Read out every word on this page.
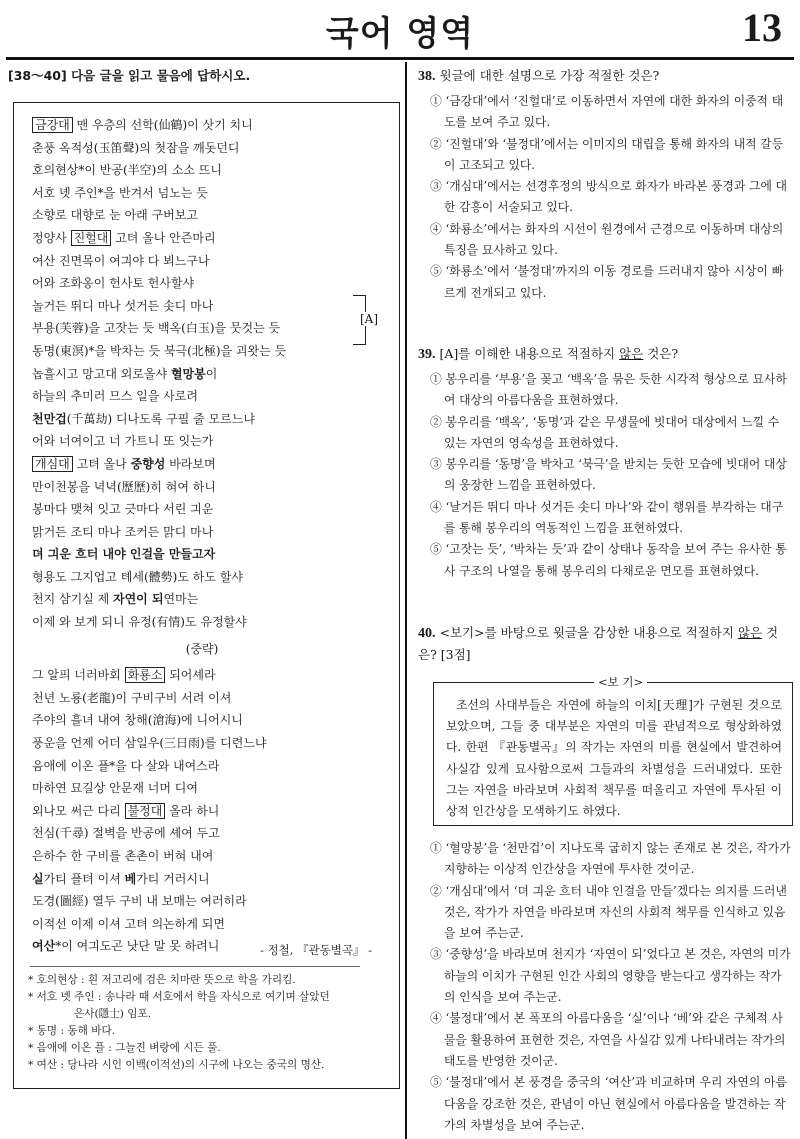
국어 영역	13
[38～40] 다음 글을 읽고 물음에 답하시오.
금강대 맨 우층의 선학(仙鶴)이 삿기 치니
춘풍 옥적성(玉笛聲)의 첫잠을 깨돗던디
호의현상*이 반공(半空)의 소소 뜨니
서호 녯 주인*을 반겨서 넘노는 듯
소향로 대향로 눈 아래 구버보고
정양사 진헐대 고텨 올나 안즌마리
여산 진면목이 여긔야 다 뵈느구나
어와 조화옹이 헌사토 헌사할샤
놀거든 뛰디 마나 섯거든 솟디 마나
부용(芙蓉)을 고잣는 듯 백옥(白玉)을 뭇것는 듯
동명(東溟)*을 박차는 듯 북극(北極)을 괴왓는 듯
놉흘시고 망고대 외로올샤 혈망봉이
하늘의 추미러 므스 일을 사로려
천만겁(千萬劫) 디나도록 구필 줄 모르느냐
어와 너여이고 너 가트니 또 잇는가
개심대 고텨 올나 중향성 바라보며
만이천봉을 녁녁(歷歷)히 혀여 하니
봉마다 맺쳐 잇고 긋마다 서린 긔운
맑거든 조티 마나 조커든 맑디 마나
뎌 긔운 흐터 내야 인걸을 만들고자
형용도 그지업고 톄세(體勢)도 하도 할샤
천지 삼기실 제 자연이 되연마는
이제 와 보게 되니 유정(有情)도 유정할샤
(중략)
그 알픠 너러바회 화룡소 되어셰라
천년 노룡(老龍)이 구비구비 서려 이셔
주야의 흘녀 내여 창해(滄海)에 니어시니
풍운을 언제 어더 삼일우(三日雨)를 디련느냐
음애에 이온 플*을 다 살와 내여스라
마하연 묘길상 안문재 너머 디여
외나모 써근 다리 불정대 올라 하니
천심(千尋) 절벽을 반공에 셰여 두고
은하수 한 구비를 촌촌이 버혀 내여
실가티 플텨 이셔 베가티 거러시니
도경(圖經) 열두 구비 내 보매는 여러히라
이적선 이제 이셔 고텨 의논하게 되면
여산*이 여긔도곤 낫단 말 못 하려니
[A]
- 정철, 『관동별곡』 -
* 호의현상 : 흰 저고리에 검은 치마란 뜻으로 학을 가리킴.
* 서호 녯 주인 : 송나라 때 서호에서 학을 자식으로 여기며 살았던
은사(隱士) 임포.
* 동명 : 동해 바다.
* 음애에 이온 플 : 그늘진 벼랑에 시든 풀.
* 여산 : 당나라 시인 이백(이적선)의 시구에 나오는 중국의 명산.
38. 윗글에 대한 설명으로 가장 적절한 것은?
① ‘금강대’에서 ‘진헐대’로 이동하면서 자연에 대한 화자의 이중적 태도를 보여 주고 있다.
② ‘진헐대’와 ‘불정대’에서는 이미지의 대립을 통해 화자의 내적 갈등이 고조되고 있다.
③ ‘개심대’에서는 선경후정의 방식으로 화자가 바라본 풍경과 그에 대한 감흥이 서술되고 있다.
④ ‘화룡소’에서는 화자의 시선이 원경에서 근경으로 이동하며 대상의 특징을 묘사하고 있다.
⑤ ‘화룡소’에서 ‘불정대’까지의 이동 경로를 드러내지 않아 시상이 빠르게 전개되고 있다.
39. [A]를 이해한 내용으로 적절하지 않은 것은?
① 봉우리를 ‘부용’을 꽂고 ‘백옥’을 묶은 듯한 시각적 형상으로 묘사하여 대상의 아름다움을 표현하였다.
② 봉우리를 ‘백옥’, ‘동명’과 같은 무생물에 빗대어 대상에서 느낄 수 있는 자연의 영속성을 표현하였다.
③ 봉우리를 ‘동명’을 박차고 ‘북극’을 받치는 듯한 모습에 빗대어 대상의 웅장한 느낌을 표현하였다.
④ ‘날거든 뛰디 마나 섯거든 솟디 마나’와 같이 행위를 부각하는 대구를 통해 봉우리의 역동적인 느낌을 표현하였다.
⑤ ‘고잣는 듯’, ‘박차는 듯’과 같이 상태나 동작을 보여 주는 유사한 통사 구조의 나열을 통해 봉우리의 다채로운 면모를 표현하였다.
40. <보기>를 바탕으로 윗글을 감상한 내용으로 적절하지 않은 것은? [3점]
<보 기>
조선의 사대부들은 자연에 하늘의 이치[天理]가 구현된 것으로 보았으며, 그들 중 대부분은 자연의 미를 관념적으로 형상화하였다. 한편 『관동별곡』의 작가는 자연의 미를 현실에서 발견하여 사실감 있게 묘사함으로써 그들과의 차별성을 드러내었다. 또한 그는 자연을 바라보며 사회적 책무를 떠올리고 자연에 투사된 이상적 인간상을 모색하기도 하였다.
① ‘혈망봉’을 ‘천만겁’이 지나도록 굽히지 않는 존재로 본 것은, 작가가 지향하는 이상적 인간상을 자연에 투사한 것이군.
② ‘개심대’에서 ‘뎌 긔운 흐터 내야 인걸을 만들’겠다는 의지를 드러낸 것은, 작가가 자연을 바라보며 자신의 사회적 책무를 인식하고 있음을 보여 주는군.
③ ‘중향성’을 바라보며 천지가 ‘자연이 되’었다고 본 것은, 자연의 미가 하늘의 이치가 구현된 인간 사회의 영향을 받는다고 생각하는 작가의 인식을 보여 주는군.
④ ‘불정대’에서 본 폭포의 아름다움을 ‘실’이나 ‘베’와 같은 구체적 사물을 활용하여 표현한 것은, 자연을 사실감 있게 나타내려는 작가의 태도를 반영한 것이군.
⑤ ‘불정대’에서 본 풍경을 중국의 ‘여산’과 비교하며 우리 자연의 아름다움을 강조한 것은, 관념이 아닌 현실에서 아름다움을 발견하는 작가의 차별성을 보여 주는군.
